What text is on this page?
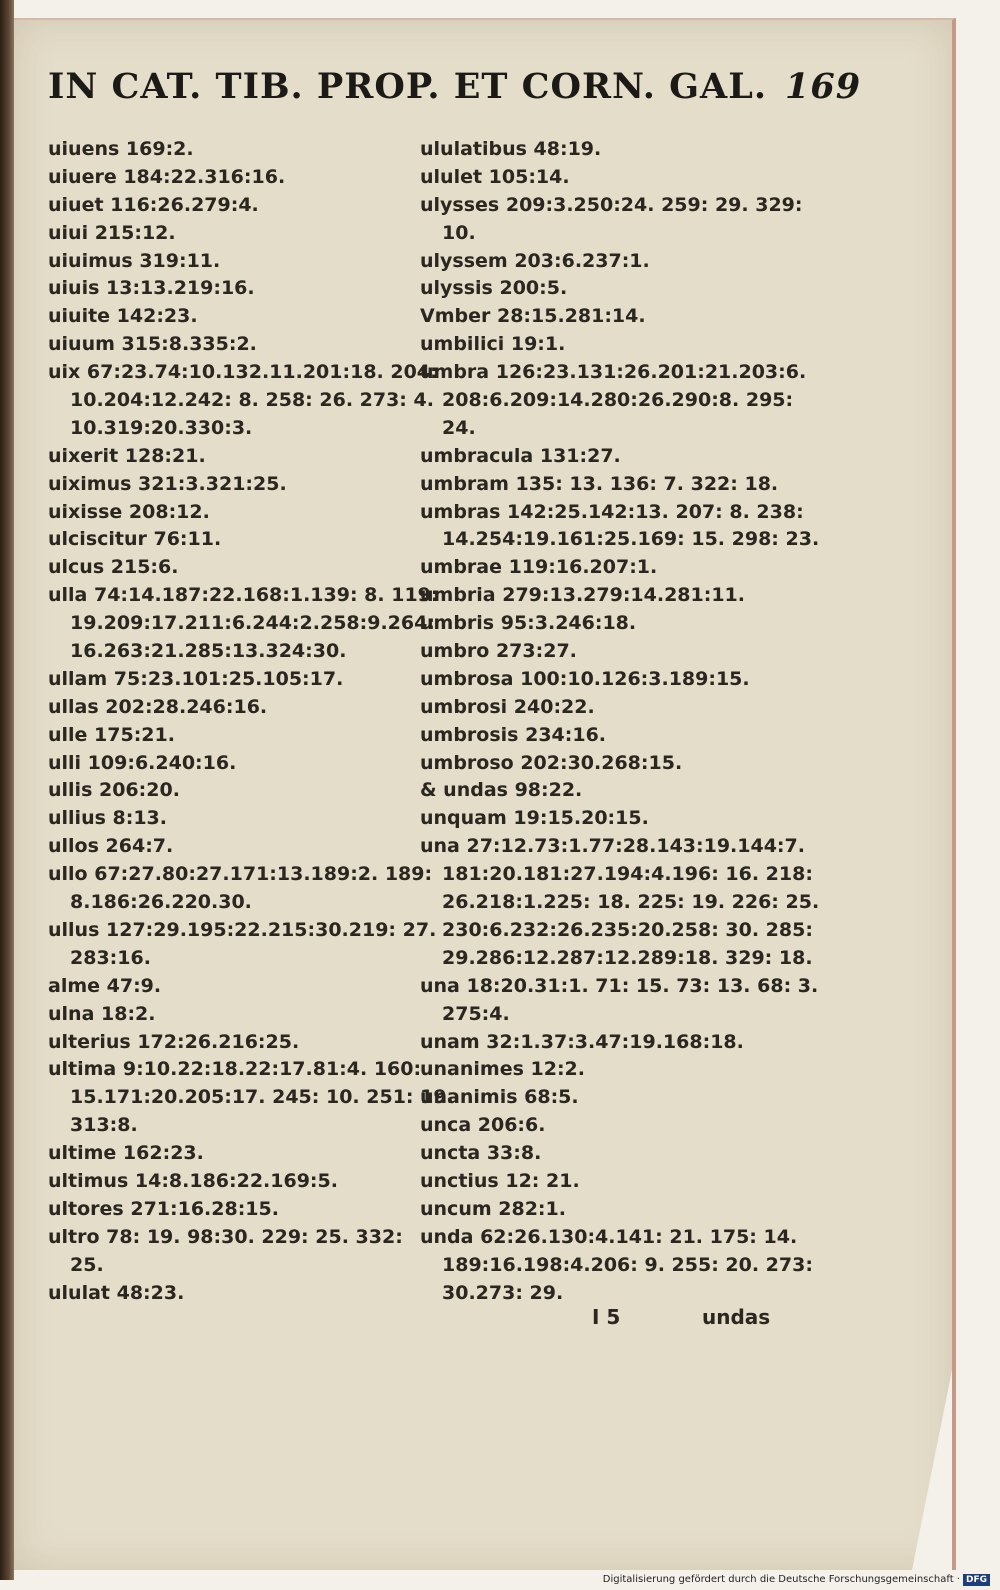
IN CAT. TIB. PROP. ET CORN. GAL. 169
uiuens 169:2.
uiuere 184:22.316:16.
uiuet 116:26.279:4.
uiui 215:12.
uiuimus 319:11.
uiuis 13:13.219:16.
uiuite 142:23.
uiuum 315:8.335:2.
uix 67:23.74:10.132.11.201:18. 204:
10.204:12.242: 8. 258: 26. 273: 4.
10.319:20.330:3.
uixerit 128:21.
uiximus 321:3.321:25.
uixisse 208:12.
ulciscitur 76:11.
ulcus 215:6.
ulla 74:14.187:22.168:1.139: 8. 119:
19.209:17.211:6.244:2.258:9.264:
16.263:21.285:13.324:30.
ullam 75:23.101:25.105:17.
ullas 202:28.246:16.
ulle 175:21.
ulli 109:6.240:16.
ullis 206:20.
ullius 8:13.
ullos 264:7.
ullo 67:27.80:27.171:13.189:2. 189:
8.186:26.220.30.
ullus 127:29.195:22.215:30.219: 27.
283:16.
alme 47:9.
ulna 18:2.
ulterius 172:26.216:25.
ultima 9:10.22:18.22:17.81:4. 160:
15.171:20.205:17. 245: 10. 251: 19.
313:8.
ultime 162:23.
ultimus 14:8.186:22.169:5.
ultores 271:16.28:15.
ultro 78: 19. 98:30. 229: 25. 332:
25.
ululat 48:23.
ululatibus 48:19.
ululet 105:14.
ulysses 209:3.250:24. 259: 29. 329:
10.
ulyssem 203:6.237:1.
ulyssis 200:5.
Vmber 28:15.281:14.
umbilici 19:1.
umbra 126:23.131:26.201:21.203:6.
208:6.209:14.280:26.290:8. 295:
24.
umbracula 131:27.
umbram 135: 13. 136: 7. 322: 18.
umbras 142:25.142:13. 207: 8. 238:
14.254:19.161:25.169: 15. 298: 23.
umbrae 119:16.207:1.
umbria 279:13.279:14.281:11.
umbris 95:3.246:18.
umbro 273:27.
umbrosa 100:10.126:3.189:15.
umbrosi 240:22.
umbrosis 234:16.
umbroso 202:30.268:15.
& undas 98:22.
unquam 19:15.20:15.
una 27:12.73:1.77:28.143:19.144:7.
181:20.181:27.194:4.196: 16. 218:
26.218:1.225: 18. 225: 19. 226: 25.
230:6.232:26.235:20.258: 30. 285:
29.286:12.287:12.289:18. 329: 18.
una 18:20.31:1. 71: 15. 73: 13. 68: 3.
275:4.
unam 32:1.37:3.47:19.168:18.
unanimes 12:2.
unanimis 68:5.
unca 206:6.
uncta 33:8.
unctius 12: 21.
uncum 282:1.
unda 62:26.130:4.141: 21. 175: 14.
189:16.198:4.206: 9. 255: 20. 273:
30.273: 29.
I 5	undas
Digitalisierung gefördert durch die Deutsche Forschungsgemeinschaft · DFG
